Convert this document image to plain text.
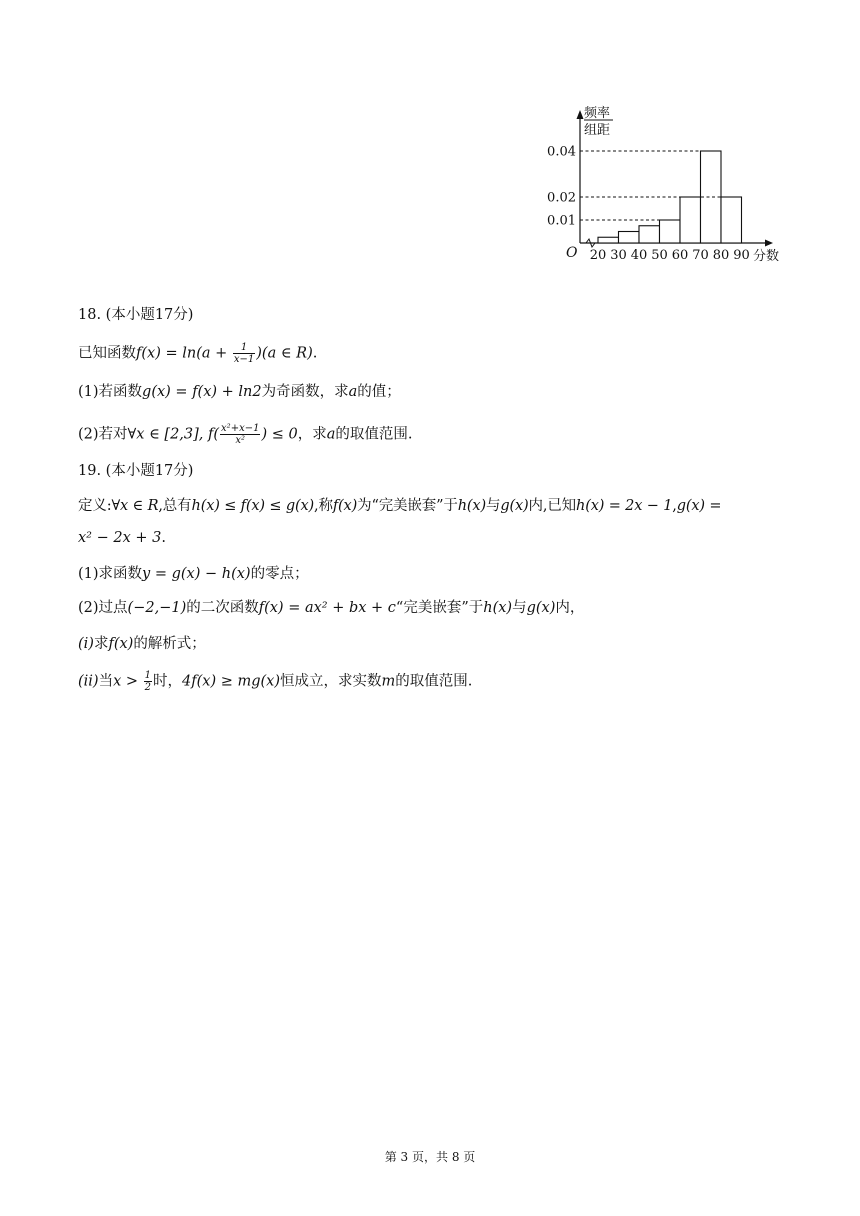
频率
组距
0.04
0.02
0.01
O 20 30 40 50 60 70 80 90 分数
18. (本小题17分)
已知函数$f(x) = \ln(a + \frac{1}{x-1} )(a$ ∈ R).
(1)若函数g(x) = f(x) + ln2为奇函数，求a的值；
(2)若对∀x ∈ [2,3], $f( \frac{\text{x²+x−1}}{\text{x²}}$ ) ≤ 0，求a的取值范围.
19. (本小题17分)
定义:∀x ∈ R,总有h(x) ≤ f(x) ≤ g(x),称f(x)为“完美嵌套”于h(x)与g(x)内,已知h(x) = 2x − 1,g(x) =
x² − 2x + 3.
(1)求函数y = g(x) − h(x)的零点；
(2)过点(−2,−1)的二次函数f(x) = ax² + bx + c“完美嵌套”于h(x)与g(x)内，
(i)求f(x)的解析式；
(ii)当$x > \frac{1}{2}$ 时，4f(x) ≥ mg(x)恒成立，求实数m的取值范围.
第 3 页，共 8 页
